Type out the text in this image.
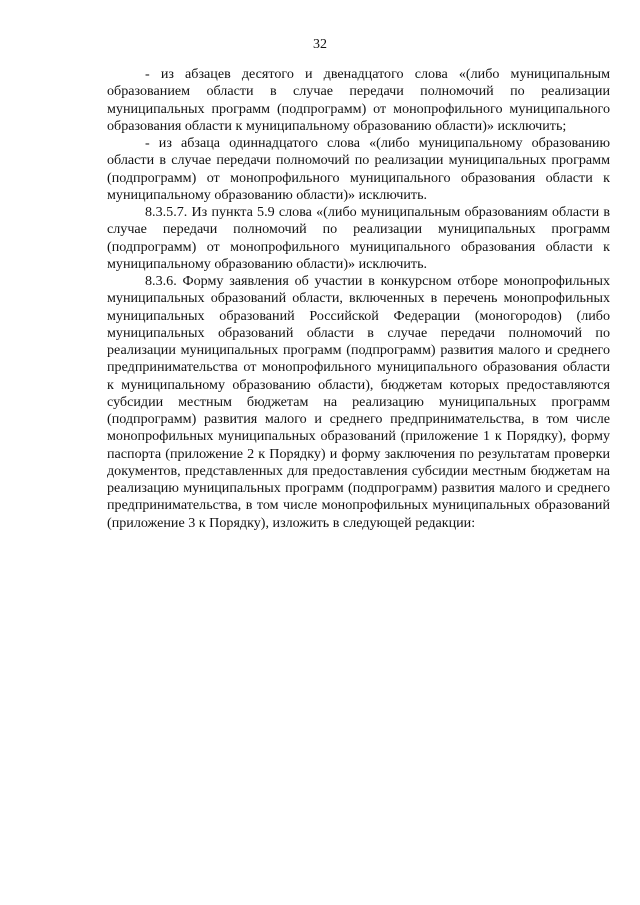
32

- из абзацев десятого и двенадцатого слова «(либо муниципальным образованием области в случае передачи полномочий по реализации муниципальных программ (подпрограмм) от монопрофильного муниципального образования области к муниципальному образованию области)» исключить;

- из абзаца одиннадцатого слова «(либо муниципальному образованию области в случае передачи полномочий по реализации муниципальных программ (подпрограмм) от монопрофильного муниципального образования области к муниципальному образованию области)» исключить.

8.3.5.7. Из пункта 5.9 слова «(либо муниципальным образованиям области в случае передачи полномочий по реализации муниципальных программ (подпрограмм) от монопрофильного муниципального образования области к муниципальному образованию области)» исключить.

8.3.6. Форму заявления об участии в конкурсном отборе монопрофильных муниципальных образований области, включенных в перечень монопрофильных муниципальных образований Российской Федерации (моногородов) (либо муниципальных образований области в случае передачи полномочий по реализации муниципальных программ (подпрограмм) развития малого и среднего предпринимательства от монопрофильного муниципального образования области к муниципальному образованию области), бюджетам которых предоставляются субсидии местным бюджетам на реализацию муниципальных программ (подпрограмм) развития малого и среднего предпринимательства, в том числе монопрофильных муниципальных образований (приложение 1 к Порядку), форму паспорта (приложение 2 к Порядку) и форму заключения по результатам проверки документов, представленных для предоставления субсидии местным бюджетам на реализацию муниципальных программ (подпрограмм) развития малого и среднего предпринимательства, в том числе монопрофильных муниципальных образований (приложение 3 к Порядку), изложить в следующей редакции:
